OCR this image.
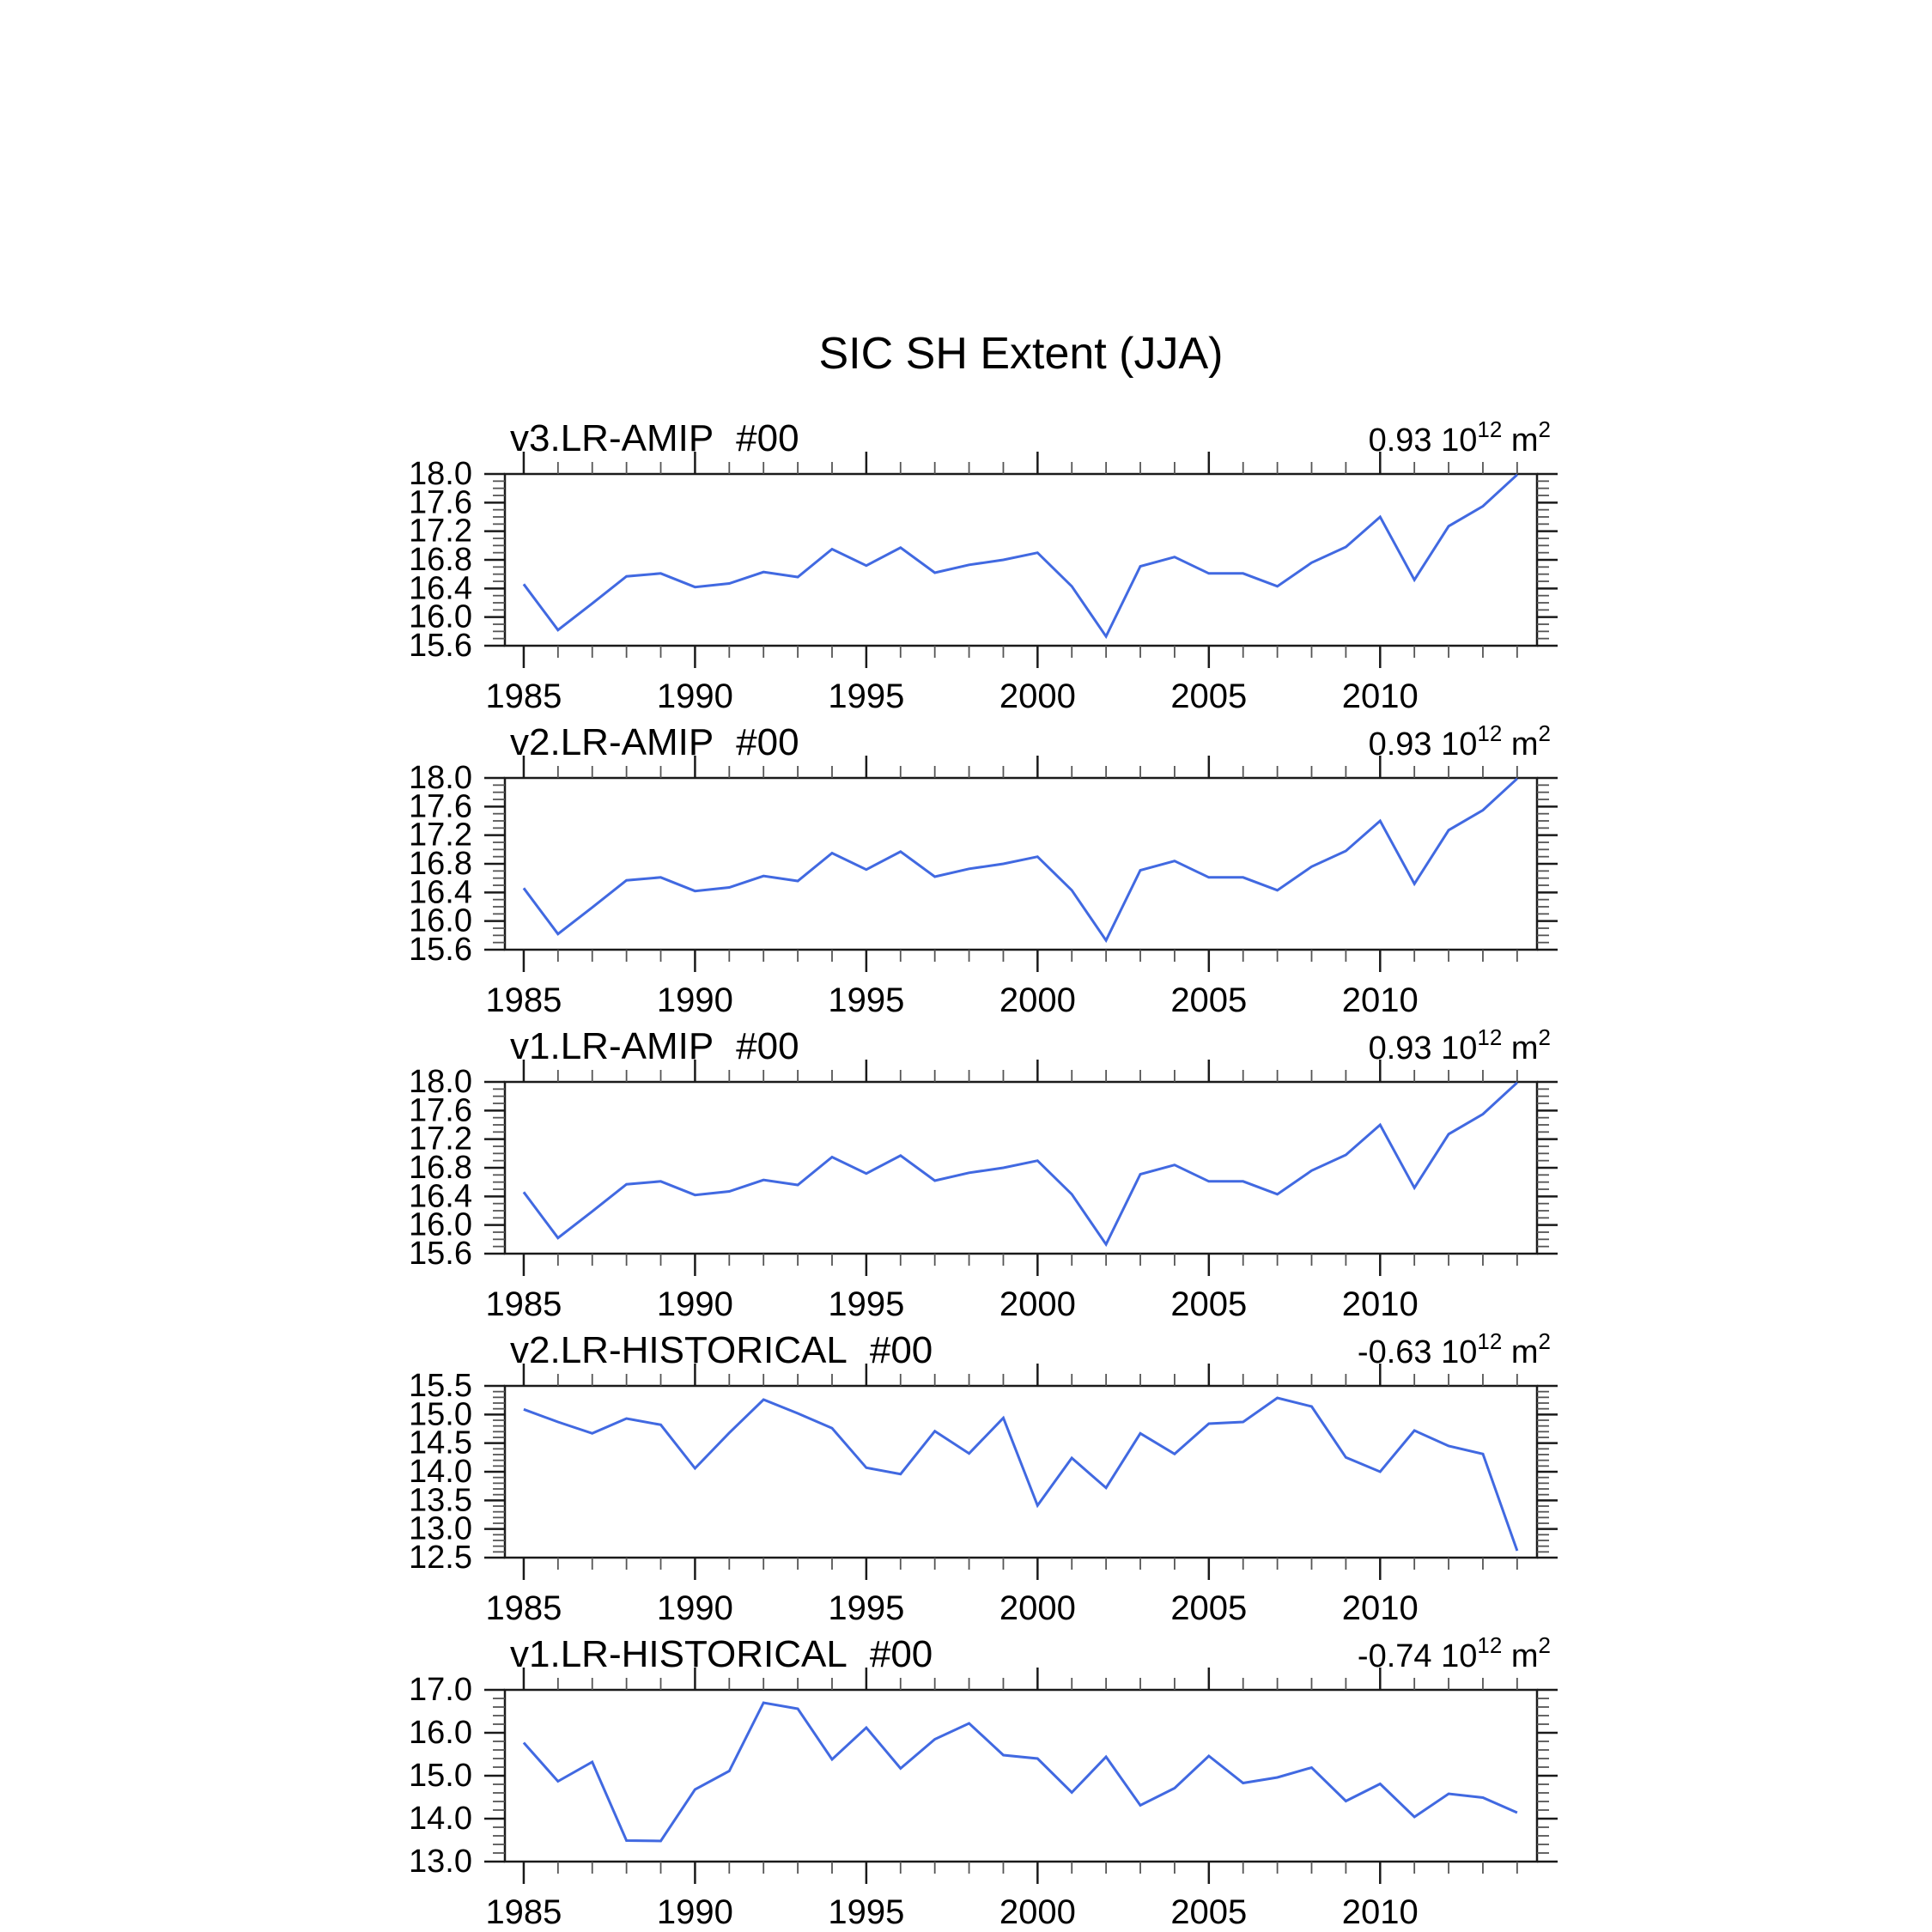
SIC SH Extent (JJA)
v3.LR-AMIP #00	0.93 $10^{12}$ $m^2$
18.0
17.6
17.2
16.8
16.4
16.0
15.6
1985	1990	1995	2000	2005	2010
v2.LR-AMIP #00	0.93 $10^{12}$ $m^2$
18.0
17.6
17.2
16.8
16.4
16.0
15.6
1985	1990	1995	2000	2005	2010
v1.LR-AMIP #00	0.93 $10^{12}$ $m^2$
18.0
17.6
17.2
16.8
16.4
16.0
15.6
1985	1990	1995	2000	2005	2010
v2.LR-HISTORICAL #00	-0.63 $10^{12}$ $m^2$
15.5
15.0
14.5
14.0
13.5
13.0
12.5
1985	1990	1995	2000	2005	2010
v1.LR-HISTORICAL #00	-0.74 $10^{12}$ $m^2$
17.0
16.0
15.0
14.0
13.0
1985	1990	1995	2000	2005	2010
